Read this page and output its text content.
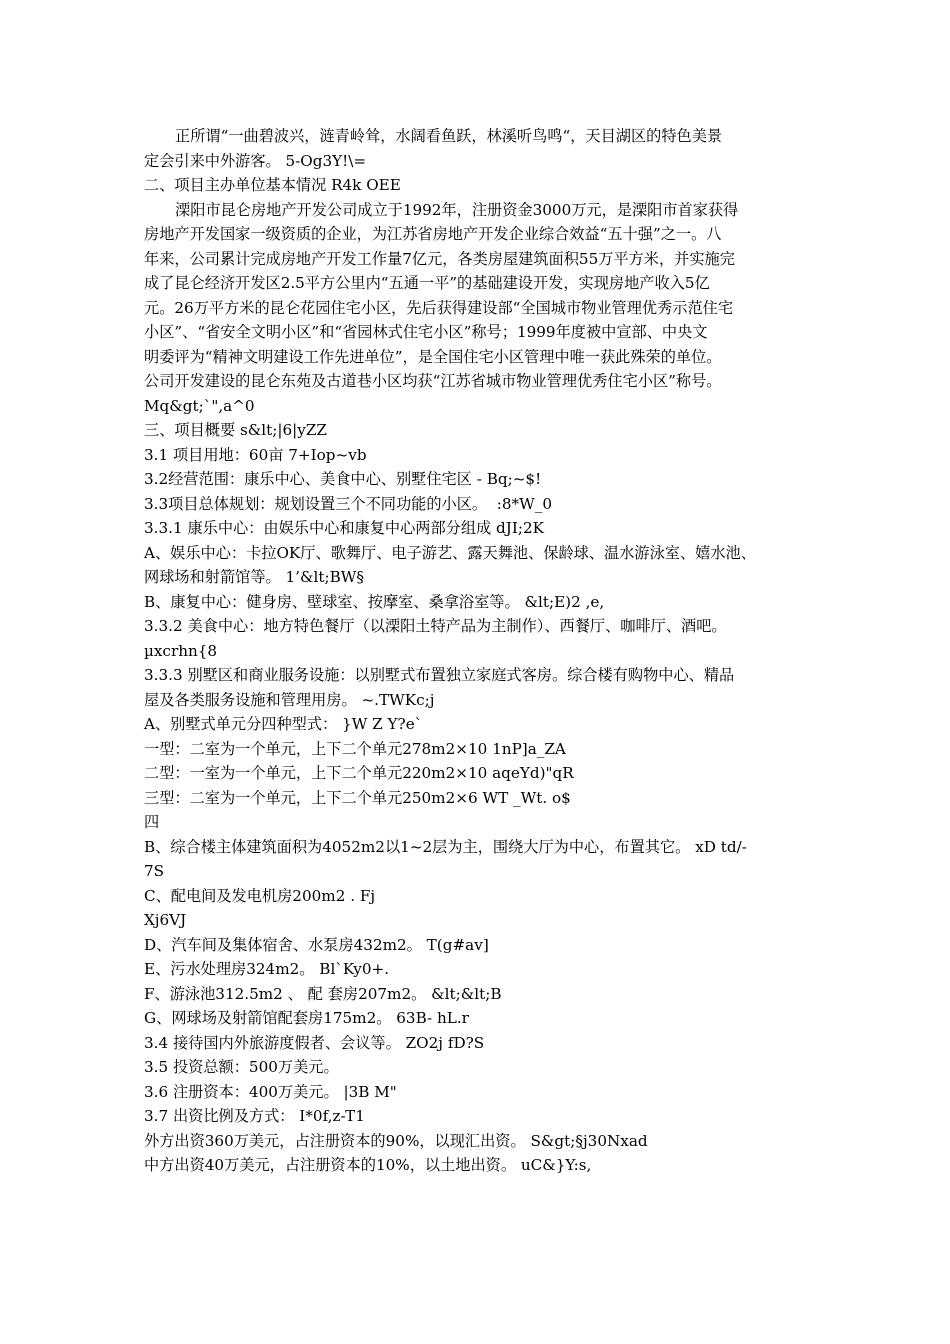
正所谓“一曲碧波兴，涟青岭耸，水阔看鱼跃，林溪听鸟鸣“，天目湖区的特色美景
定会引来中外游客。 5-Og3Y!\=
二、项目主办单位基本情况 R4k OEE
溧阳市昆仑房地产开发公司成立于1992年，注册资金3000万元，是溧阳市首家获得
房地产开发国家一级资质的企业，为江苏省房地产开发企业综合效益“五十强”之一。八
年来，公司累计完成房地产开发工作量7亿元，各类房屋建筑面积55万平方米，并实施完
成了昆仑经济开发区2.5平方公里内“五通一平”的基础建设开发，实现房地产收入5亿
元。26万平方米的昆仑花园住宅小区，先后获得建设部“全国城市物业管理优秀示范住宅
小区”、“省安全文明小区”和“省园林式住宅小区”称号；1999年度被中宣部、中央文
明委评为“精神文明建设工作先进单位”，是全国住宅小区管理中唯一获此殊荣的单位。
公司开发建设的昆仑东苑及古道巷小区均获“江苏省城市物业管理优秀住宅小区”称号。
Mq&gt;`",a^0
三、项目概要 s&lt;|6|yZZ
3.1 项目用地：60亩 7+Iop~vb
3.2经营范围：康乐中心、美食中心、别墅住宅区 - Bq;~$!
3.3项目总体规划：规划设置三个不同功能的小区。  :8*W_0
3.3.1 康乐中心：由娱乐中心和康复中心两部分组成 dJI;2K
A、娱乐中心：卡拉OK厅、歌舞厅、电子游艺、露天舞池、保龄球、温水游泳室、嬉水池、
网球场和射箭馆等。 1’&lt;BW§
B、康复中心：健身房、壁球室、按摩室、桑拿浴室等。 &lt;E)2 ,e,
3.3.2 美食中心：地方特色餐厅（以溧阳土特产品为主制作）、西餐厅、咖啡厅、酒吧。
µxcrhn{8
3.3.3 别墅区和商业服务设施：以别墅式布置独立家庭式客房。综合楼有购物中心、精品
屋及各类服务设施和管理用房。 ~.TWKc;j
A、别墅式单元分四种型式： }W Z Y?e`
一型：二室为一个单元，上下二个单元278m2×10 1nP]a_ZA
二型：一室为一个单元，上下二个单元220m2×10 aqeYd)"qR
三型：二室为一个单元，上下二个单元250m2×6 WT _Wt. o$
四
B、综合楼主体建筑面积为4052m2以1~2层为主，围绕大厅为中心，布置其它。 xD td/-
7S
C、配电间及发电机房200m2 . Fj
Xj6VJ
D、汽车间及集体宿舍、水泵房432m2。 T(g#av]
E、污水处理房324m2。 Bl`Ky0+.
F、游泳池312.5m2 、 配 套房207m2。 &lt;&lt;B
G、网球场及射箭馆配套房175m2。 63B- hL.r
3.4 接待国内外旅游度假者、会议等。 ZO2j fD?S
3.5 投资总额：500万美元。
3.6 注册资本：400万美元。 |3B M"
3.7 出资比例及方式： I*0f,z-T1
外方出资360万美元，占注册资本的90%，以现汇出资。 S&gt;§j30Nxad
中方出资40万美元，占注册资本的10%，以土地出资。 uC&}Y:s,
